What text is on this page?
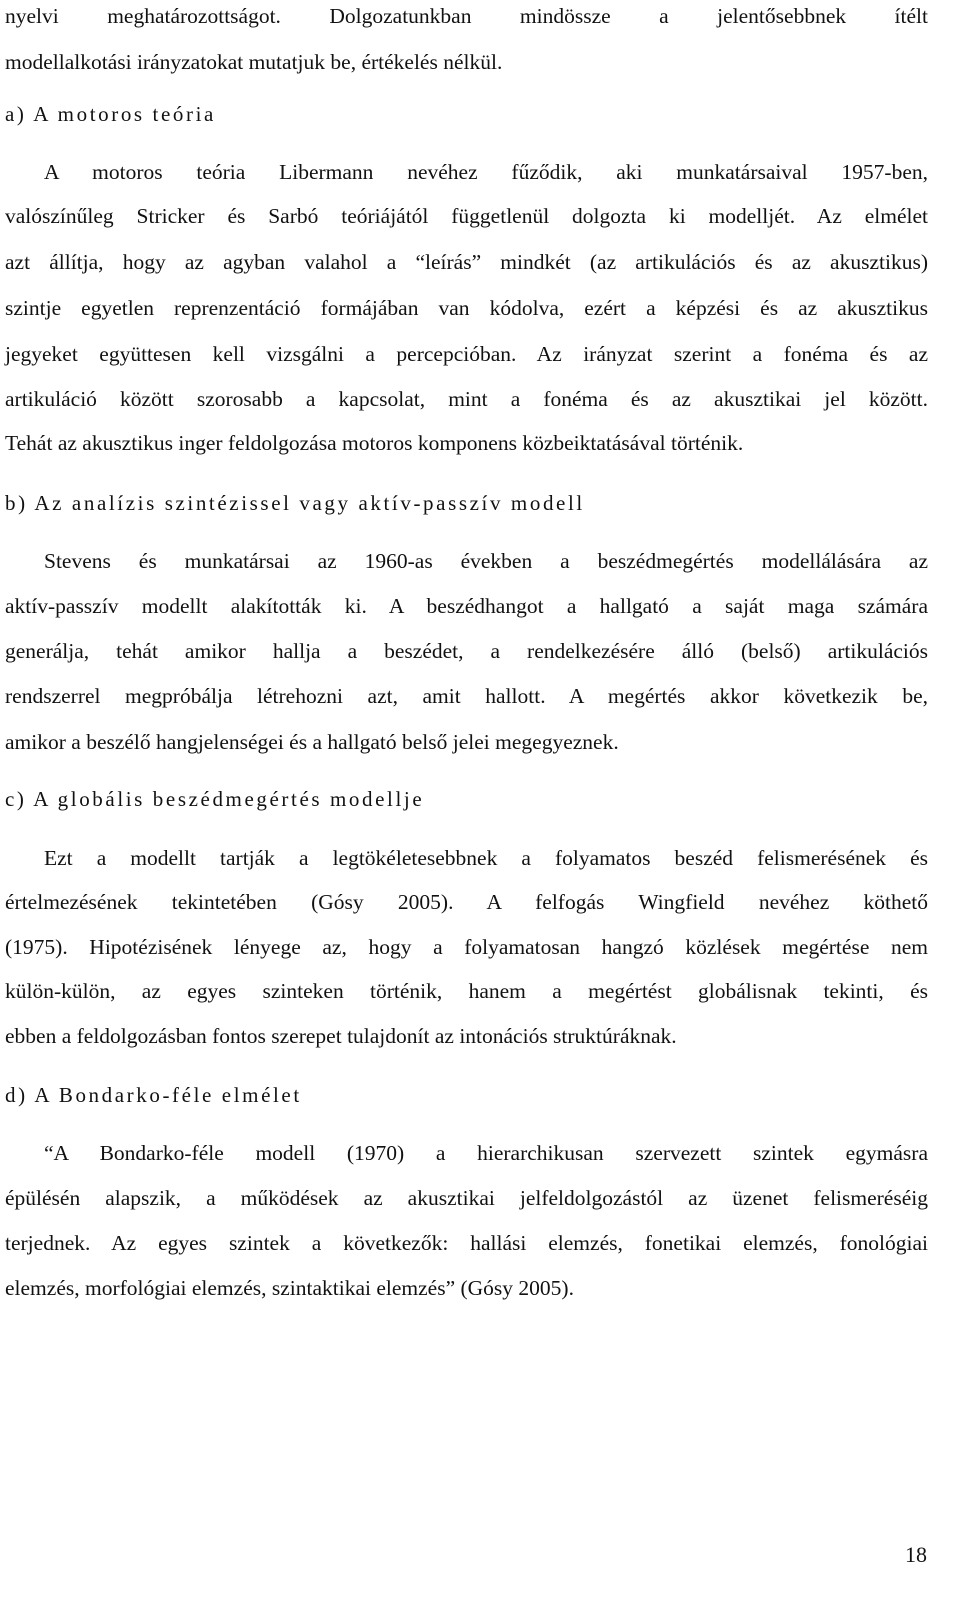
nyelvi meghatározottságot. Dolgozatunkban mindössze a jelentősebbnek ítélt
modellalkotási irányzatokat mutatjuk be, értékelés nélkül.
a) A motoros teória
A motoros teória Libermann nevéhez fűződik, aki munkatársaival 1957-ben,
valószínűleg Stricker és Sarbó teóriájától függetlenül dolgozta ki modelljét. Az elmélet
azt állítja, hogy az agyban valahol a “leírás” mindkét (az artikulációs és az akusztikus)
szintje egyetlen reprenzentáció formájában van kódolva, ezért a képzési és az akusztikus
jegyeket együttesen kell vizsgálni a percepcióban. Az irányzat szerint a fonéma és az
artikuláció között szorosabb a kapcsolat, mint a fonéma és az akusztikai jel között.
Tehát az akusztikus inger feldolgozása motoros komponens közbeiktatásával történik.
b) Az analízis szintézissel vagy aktív-passzív modell
Stevens és munkatársai az 1960-as években a beszédmegértés modellálására az
aktív-passzív modellt alakították ki. A beszédhangot a hallgató a saját maga számára
generálja, tehát amikor hallja a beszédet, a rendelkezésére álló (belső) artikulációs
rendszerrel megpróbálja létrehozni azt, amit hallott. A megértés akkor következik be,
amikor a beszélő hangjelenségei és a hallgató belső jelei megegyeznek.
c) A globális beszédmegértés modellje
Ezt a modellt tartják a legtökéletesebbnek a folyamatos beszéd felismerésének és
értelmezésének tekintetében (Gósy 2005). A felfogás Wingfield nevéhez köthető
(1975). Hipotézisének lényege az, hogy a folyamatosan hangzó közlések megértése nem
külön-külön, az egyes szinteken történik, hanem a megértést globálisnak tekinti, és
ebben a feldolgozásban fontos szerepet tulajdonít az intonációs struktúráknak.
d) A Bondarko-féle elmélet
“A Bondarko-féle modell (1970) a hierarchikusan szervezett szintek egymásra
épülésén alapszik, a működések az akusztikai jelfeldolgozástól az üzenet felismeréséig
terjednek. Az egyes szintek a következők: hallási elemzés, fonetikai elemzés, fonológiai
elemzés, morfológiai elemzés, szintaktikai elemzés” (Gósy 2005).
18
